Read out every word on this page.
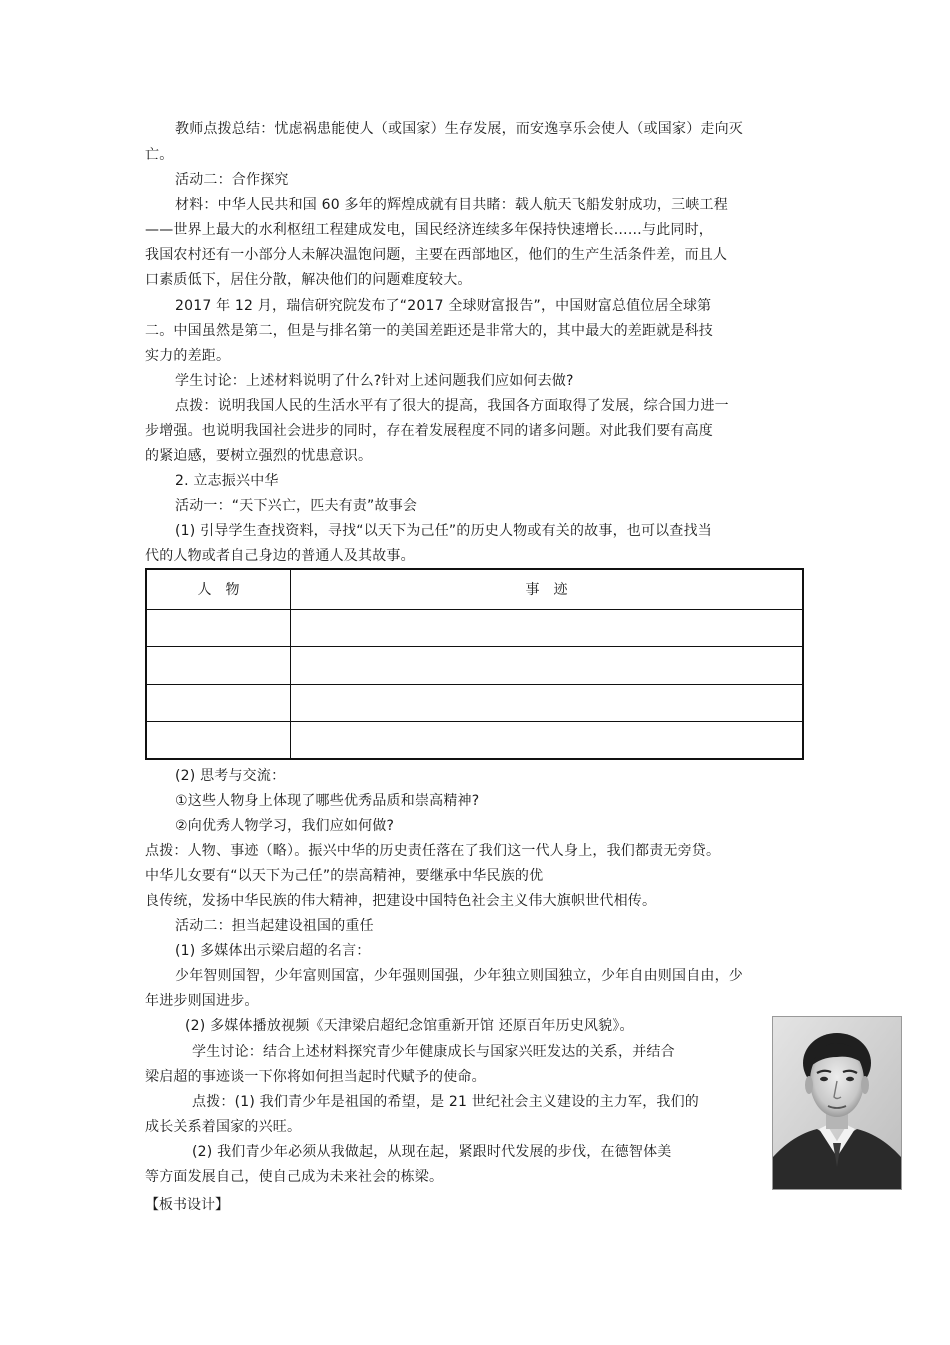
教师点拨总结：忧虑祸患能使人（或国家）生存发展，而安逸享乐会使人（或国家）走向灭
亡。
活动二：合作探究
材料：中华人民共和国 60 多年的辉煌成就有目共睹：载人航天飞船发射成功，三峡工程
——世界上最大的水利枢纽工程建成发电，国民经济连续多年保持快速增长……与此同时，
我国农村还有一小部分人未解决温饱问题，主要在西部地区，他们的生产生活条件差，而且人
口素质低下，居住分散，解决他们的问题难度较大。
2017 年 12 月，瑞信研究院发布了“2017 全球财富报告”，中国财富总值位居全球第
二。中国虽然是第二，但是与排名第一的美国差距还是非常大的，其中最大的差距就是科技
实力的差距。
学生讨论：上述材料说明了什么?针对上述问题我们应如何去做?
点拨：说明我国人民的生活水平有了很大的提高，我国各方面取得了发展，综合国力进一
步增强。也说明我国社会进步的同时，存在着发展程度不同的诸多问题。对此我们要有高度
的紧迫感，要树立强烈的忧患意识。
2. 立志振兴中华
活动一：“天下兴亡，匹夫有责”故事会
(1) 引导学生查找资料，寻找“以天下为己任”的历史人物或有关的故事，也可以查找当
代的人物或者自己身边的普通人及其故事。
人　物	事　迹

(2) 思考与交流：
①这些人物身上体现了哪些优秀品质和崇高精神?
②向优秀人物学习，我们应如何做?
点拨：人物、事迹（略）。振兴中华的历史责任落在了我们这一代人身上，我们都责无旁贷。
中华儿女要有“以天下为己任”的崇高精神，要继承中华民族的优
良传统，发扬中华民族的伟大精神，把建设中国特色社会主义伟大旗帜世代相传。
活动二：担当起建设祖国的重任
(1) 多媒体出示梁启超的名言：
少年智则国智，少年富则国富，少年强则国强，少年独立则国独立，少年自由则国自由，少
年进步则国进步。
(2) 多媒体播放视频《天津梁启超纪念馆重新开馆 还原百年历史风貌》。
学生讨论：结合上述材料探究青少年健康成长与国家兴旺发达的关系，并结合
梁启超的事迹谈一下你将如何担当起时代赋予的使命。
点拨：(1) 我们青少年是祖国的希望，是 21 世纪社会主义建设的主力军，我们的
成长关系着国家的兴旺。
(2) 我们青少年必须从我做起，从现在起，紧跟时代发展的步伐，在德智体美
等方面发展自己，使自己成为未来社会的栋梁。
【板书设计】
